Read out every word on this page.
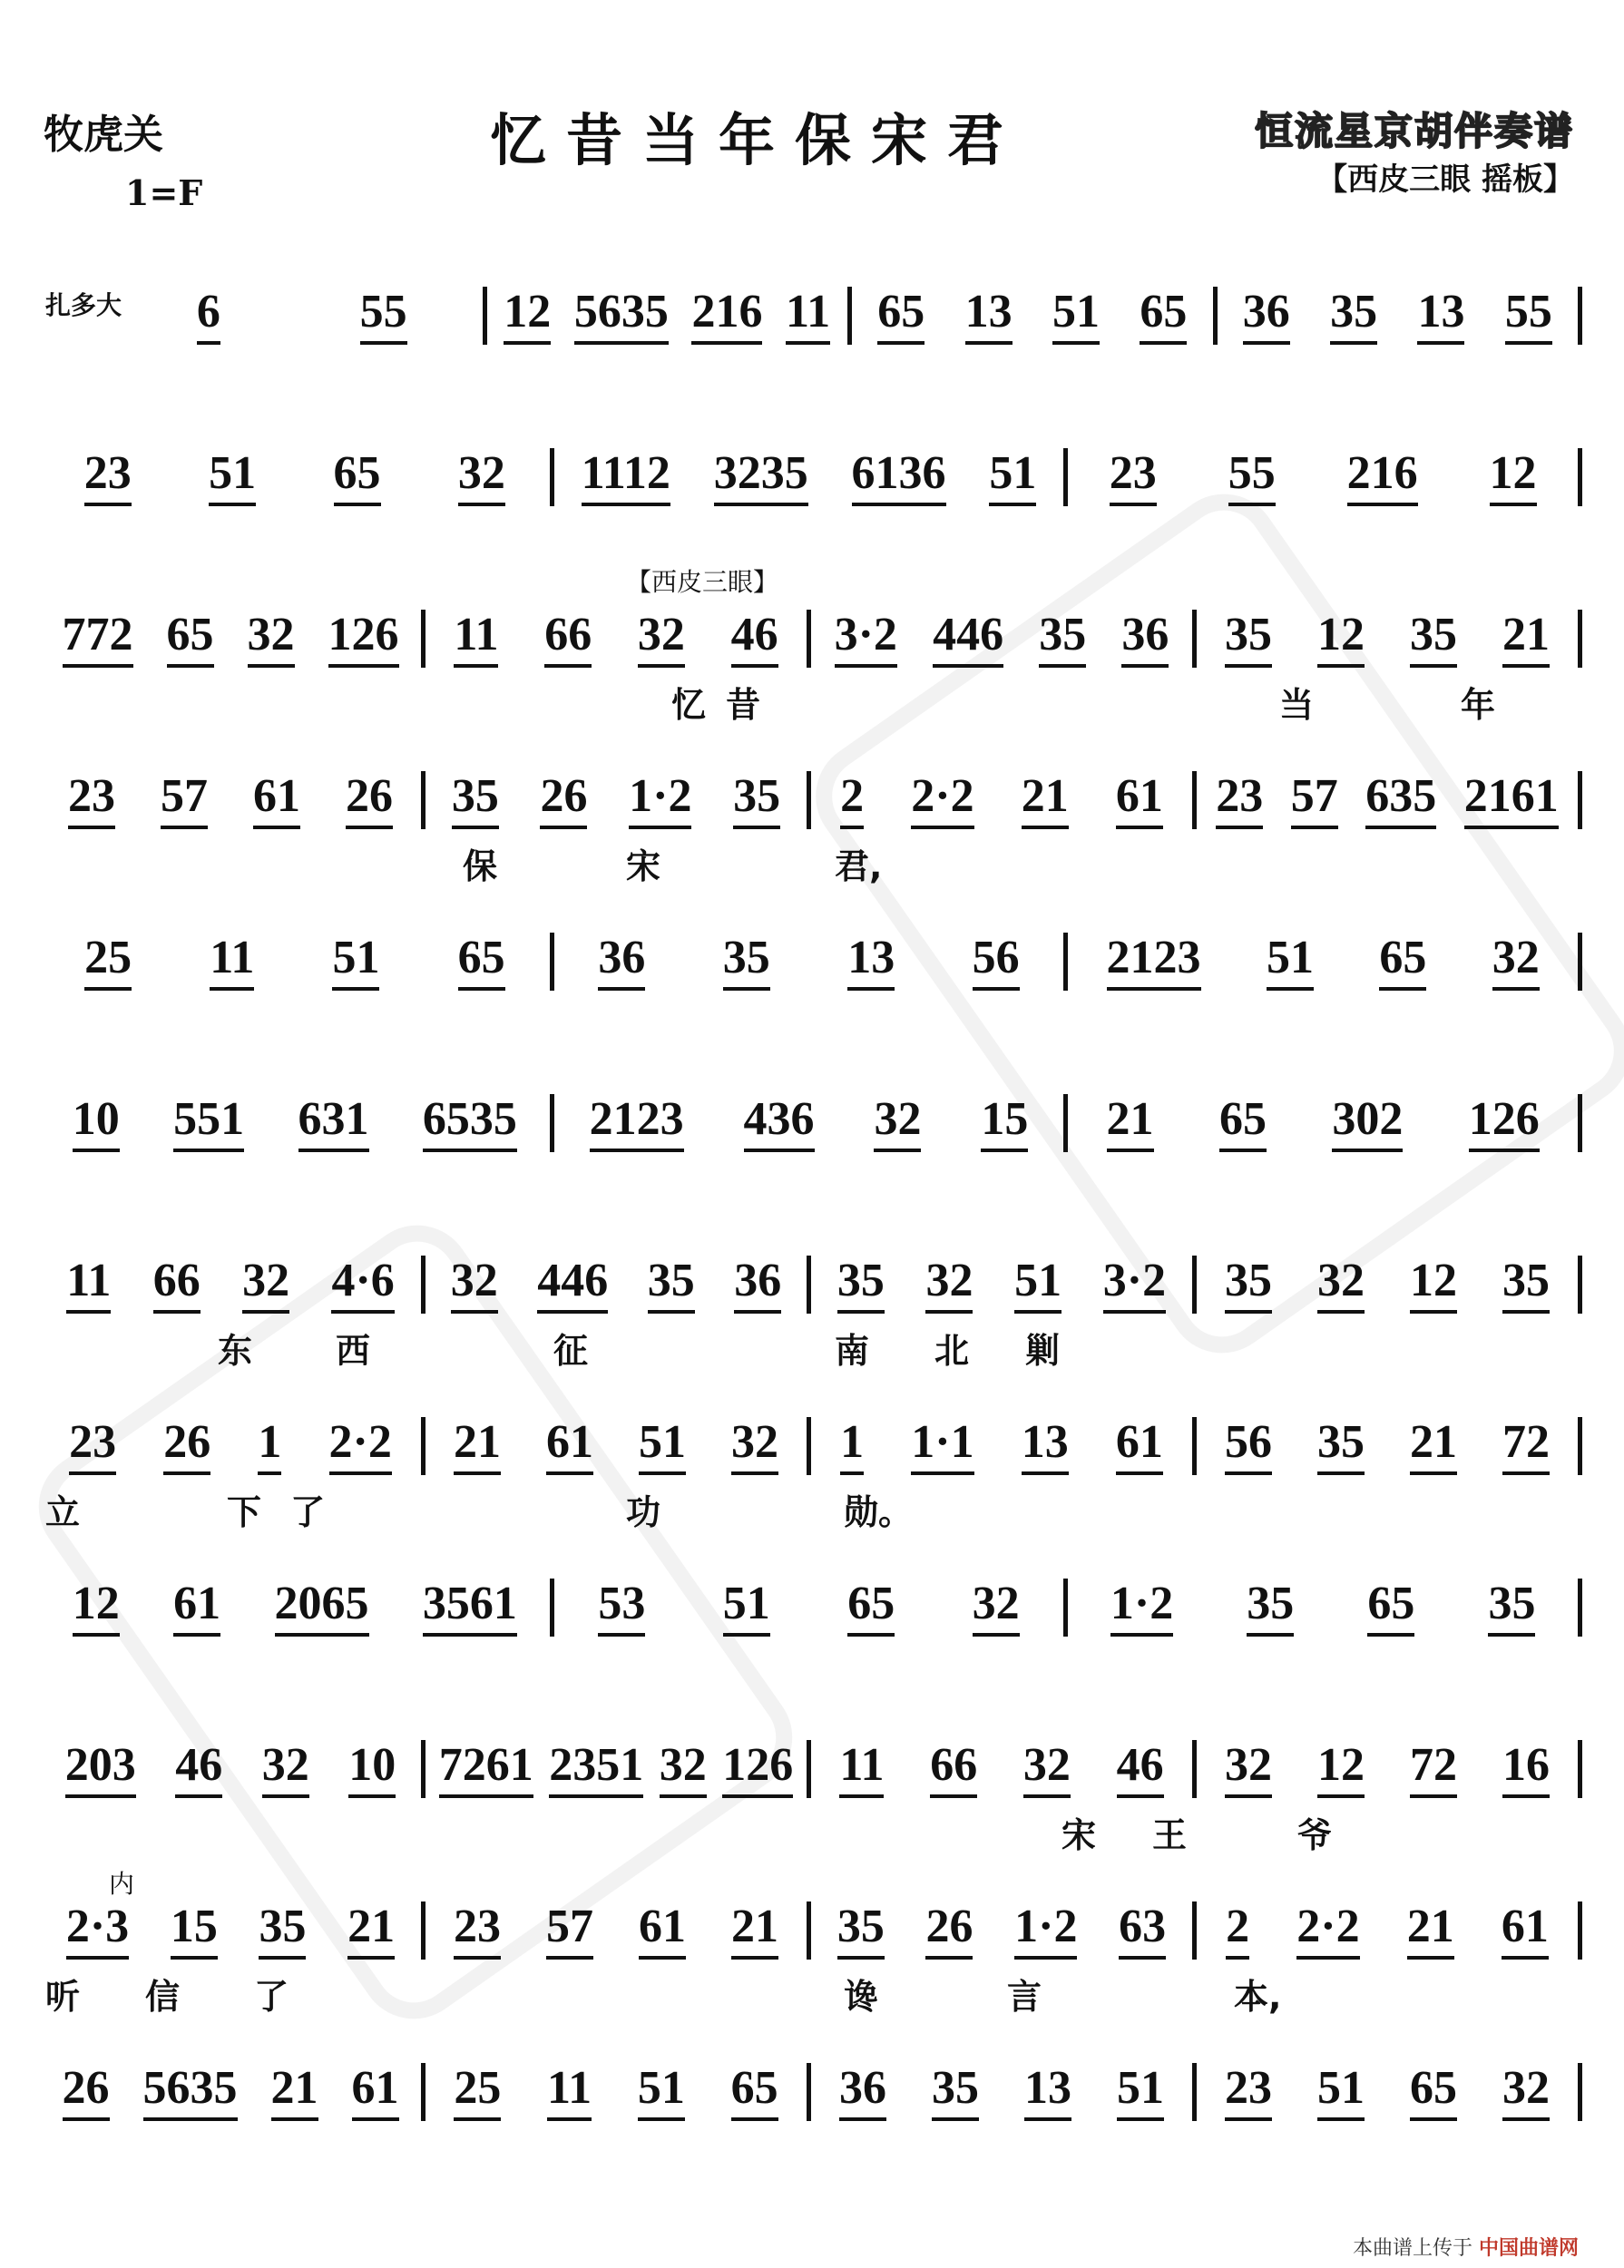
牧虎关
1=F
忆昔当年保宋君	恒流星京胡伴奏谱
【西皮三眼 摇板】
【西皮三眼】
内
扎多大 6	55 12 5635 216 11 65 13 51 65 36 35 13 55
23 51 65 32 1112 3235 6136 51 23 55 216 12
772 65 32 126 11 66 32 46 3·2 446 35 36 35 12 35 21
忆 昔	当	年
23 57 61 26 35 26 1·2 35 2 2·2 21 61 23 57 635 2161
保	宋	君,
25 11 51 65 36 35 13 56 2123 51 65 32
10 551 631 6535 2123 436 32 15 21 65 302 126
11 66 32 4·6 32 446 35 36 35 32 51 3·2 35 32 12 35
东 西	征	南 北 剿
23 26 1 2·2 21 61 51 32 1 1·1 13 61 56 35 21 72
立	下 了	功	勋。
12 61 2065 3561 53 51 65 32 1·2 35 65 35
203 46 32 10 7261 2351 32 126 11 66 32 46 32 12 72 16
宋 王	爷
2·3 15 35 21 23 57 61 21 35 26 1·2 63 2 2·2 21 61
听 信 了	谗	言	本,
26 5635 21 61 25 11 51 65 36 35 13 51 23 51 65 32
本曲谱上传于 中国曲谱网
